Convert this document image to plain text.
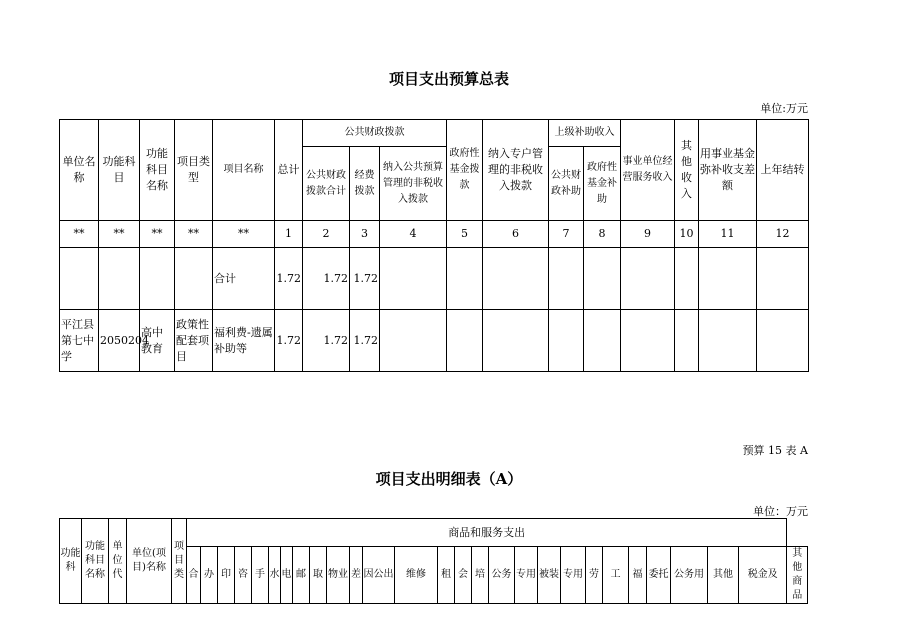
项目支出预算总表
单位:万元
单位名称	功能科目	功能科目名称	项目类型	项目名称	总计	公共财政拨款			政府性基金拨款	纳入专户管理的非税收入拨款	上级补助收入		事业单位经营服务收入	其他收入	用事业基金弥补收支差额	上年结转
						公共财政拨款合计	经费拨款	纳入公共预算管理的非税收入拨款			公共财政补助	政府性基金补助				
**	**	**	**	**	1	2	3	4	5	6	7	8	9	10	11	12
				合计	1.72	1.72	1.72									
平江县第七中学	2050204	高中教育	政策性配套项目	福利费-遗属补助等	1.72	1.72	1.72									
预算 15 表 A
项目支出明细表（A）
单位：万元
功能科	功能科目名称	单位代	单位(项目)名称	项目类	商品和服务支出																											
					合	办	印	咨	手	水	电	邮	取	物业	差	因公出	维修	租	会	培	公务	专用	被装	专用	劳	工	福	委托	公务用	其他	税金及	其他商品
